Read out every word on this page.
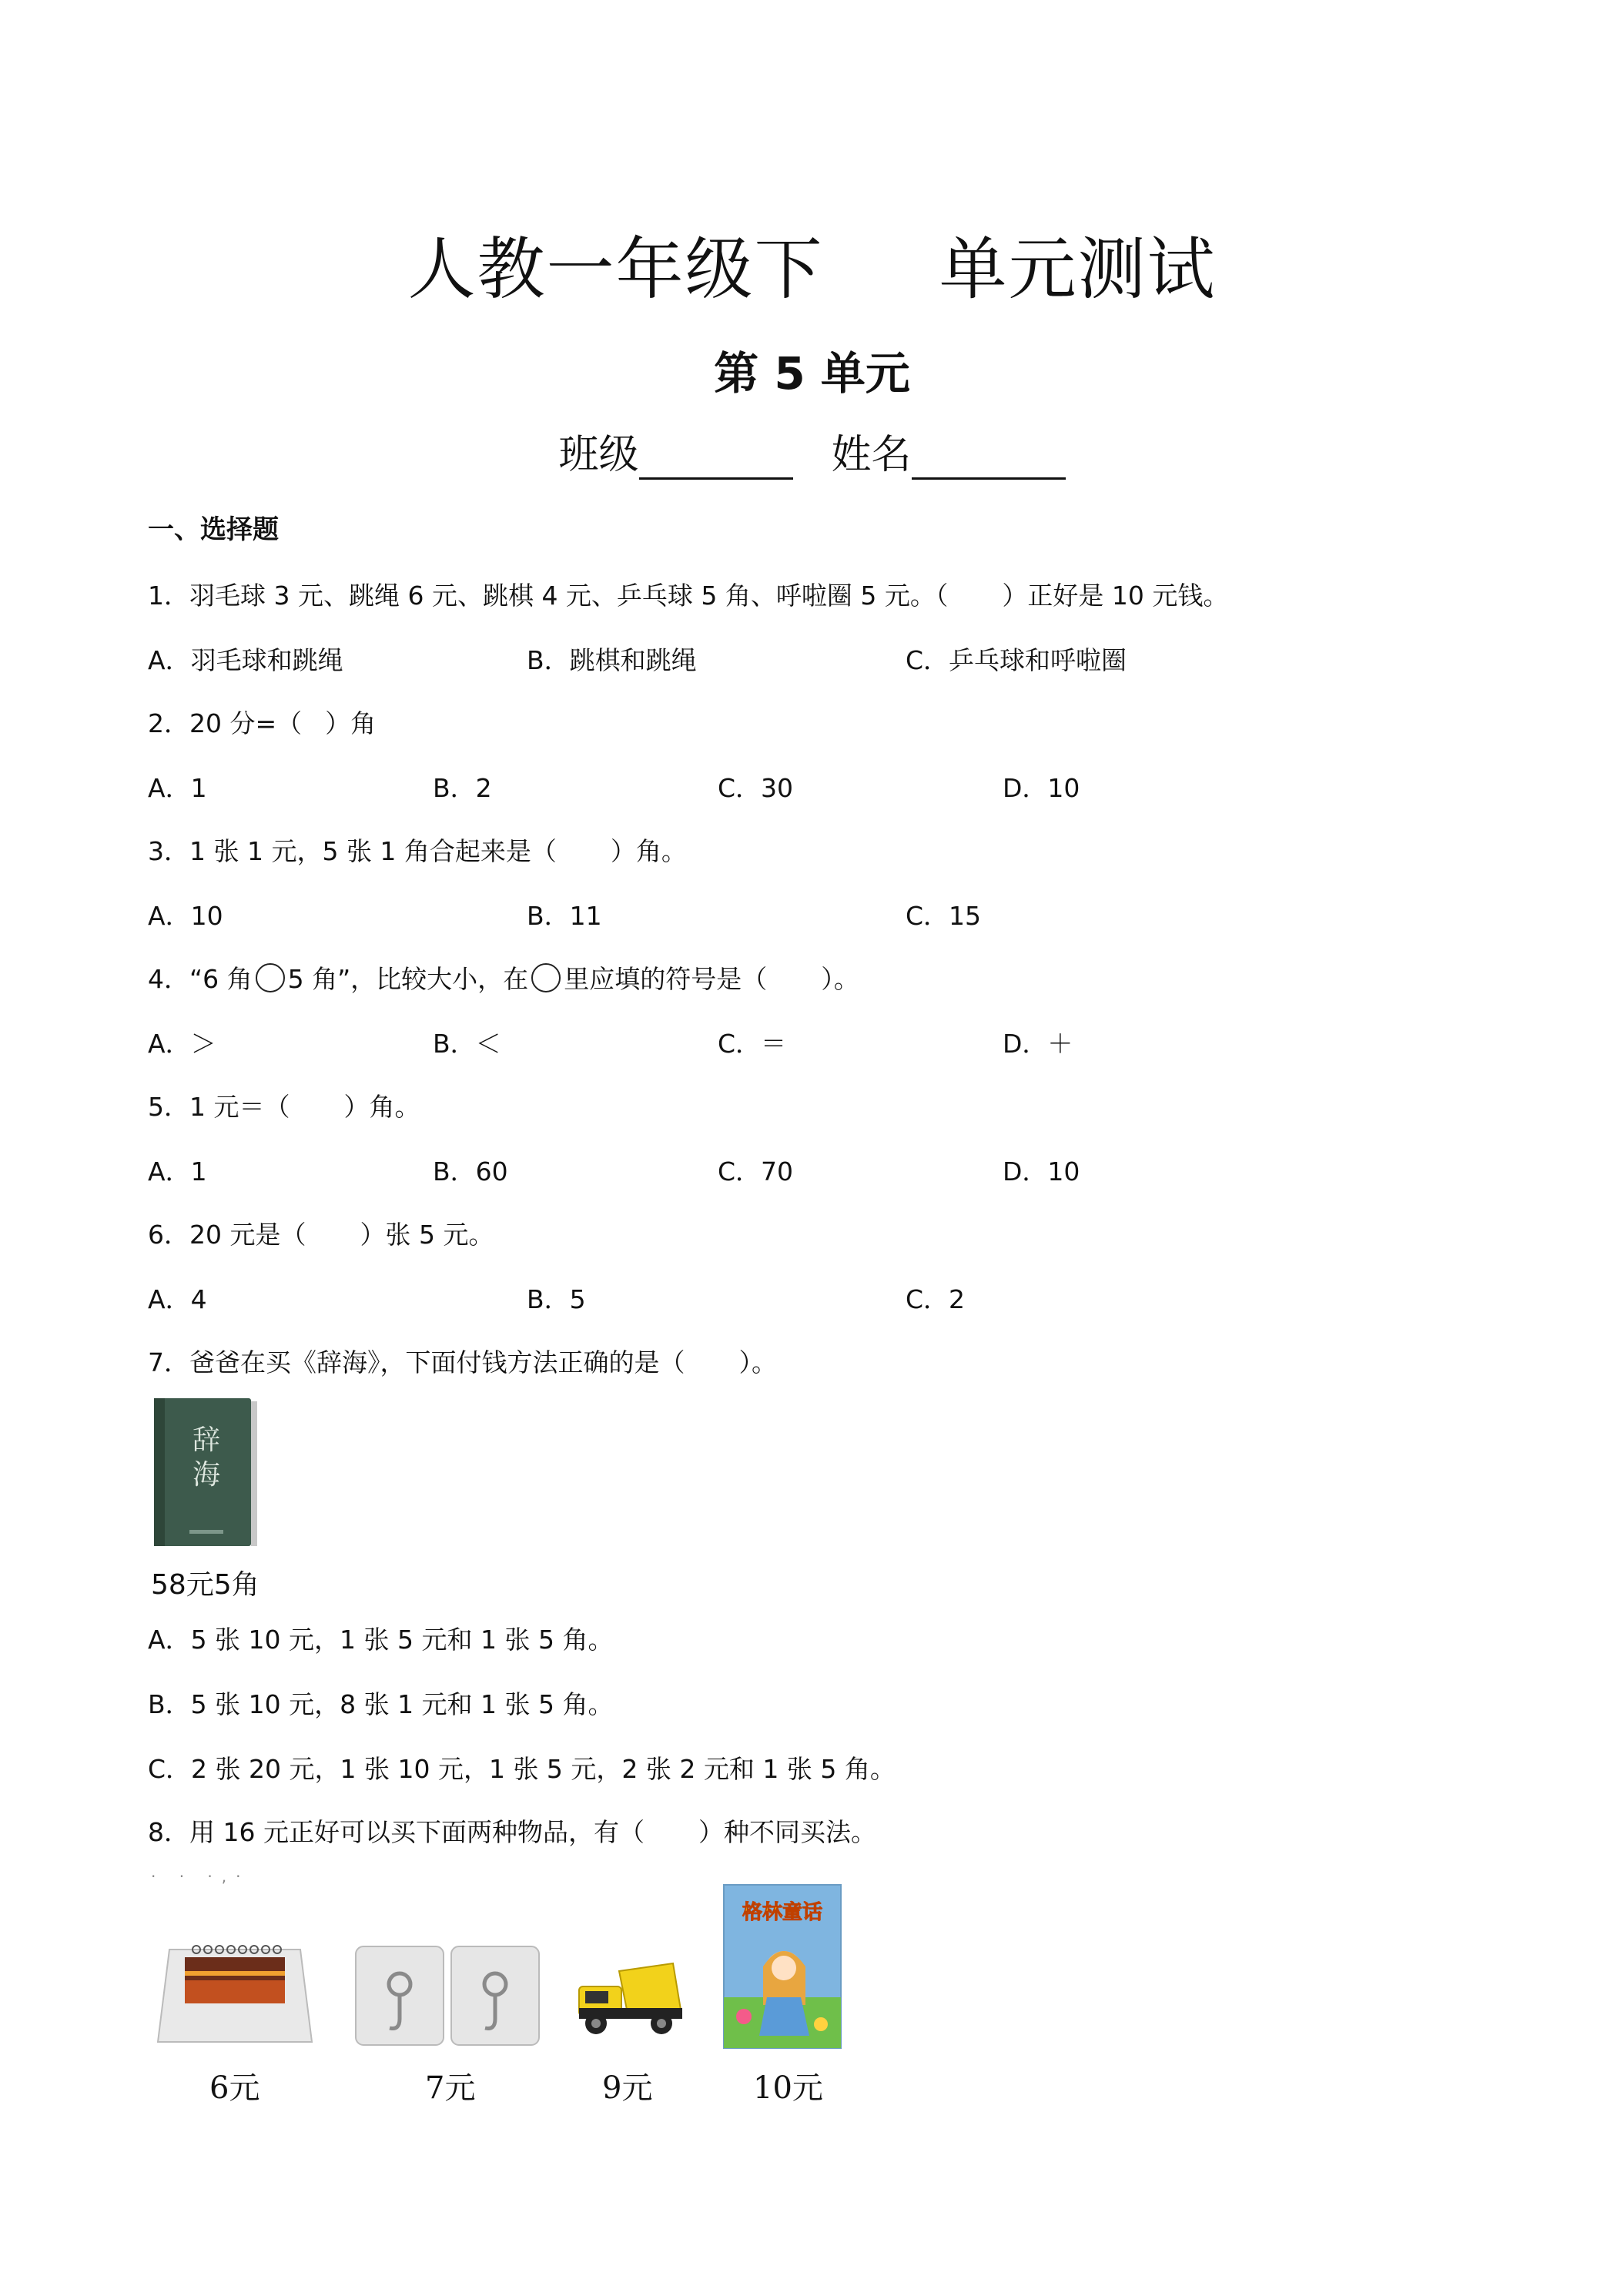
人教一年级下 单元测试
第 5 单元
班级	姓名
一、选择题
1．羽毛球 3 元、跳绳 6 元、跳棋 4 元、乒乓球 5 角、呼啦圈 5 元。（ ）正好是 10 元钱。
A．羽毛球和跳绳	B．跳棋和跳绳	C．乒乓球和呼啦圈
2．20 分=（ ）角
A．1	B．2	C．30	D．10
3．1 张 1 元，5 张 1 角合起来是（ ）角。
A．10	B．11	C．15
4．“6 角 5 角”，比较大小，在 里应填的符号是（ ）。
A．＞	B．＜	C．＝	D．＋
5．1 元＝（ ）角。
A．1	B．60	C．70	D．10
6．20 元是（ ）张 5 元。
A．4	B．5	C．2
7．爸爸在买《辞海》，下面付钱方法正确的是（ ）。
辞
海
58元5角
A．5 张 10 元，1 张 5 元和 1 张 5 角。
B．5 张 10 元，8 张 1 元和 1 张 5 角。
C．2 张 20 元，1 张 10 元，1 张 5 元，2 张 2 元和 1 张 5 角。
8．用 16 元正好可以买下面两种物品，有（ ）种不同买法。
· · ·,·
6元	7元	9元
格林童话
10元
